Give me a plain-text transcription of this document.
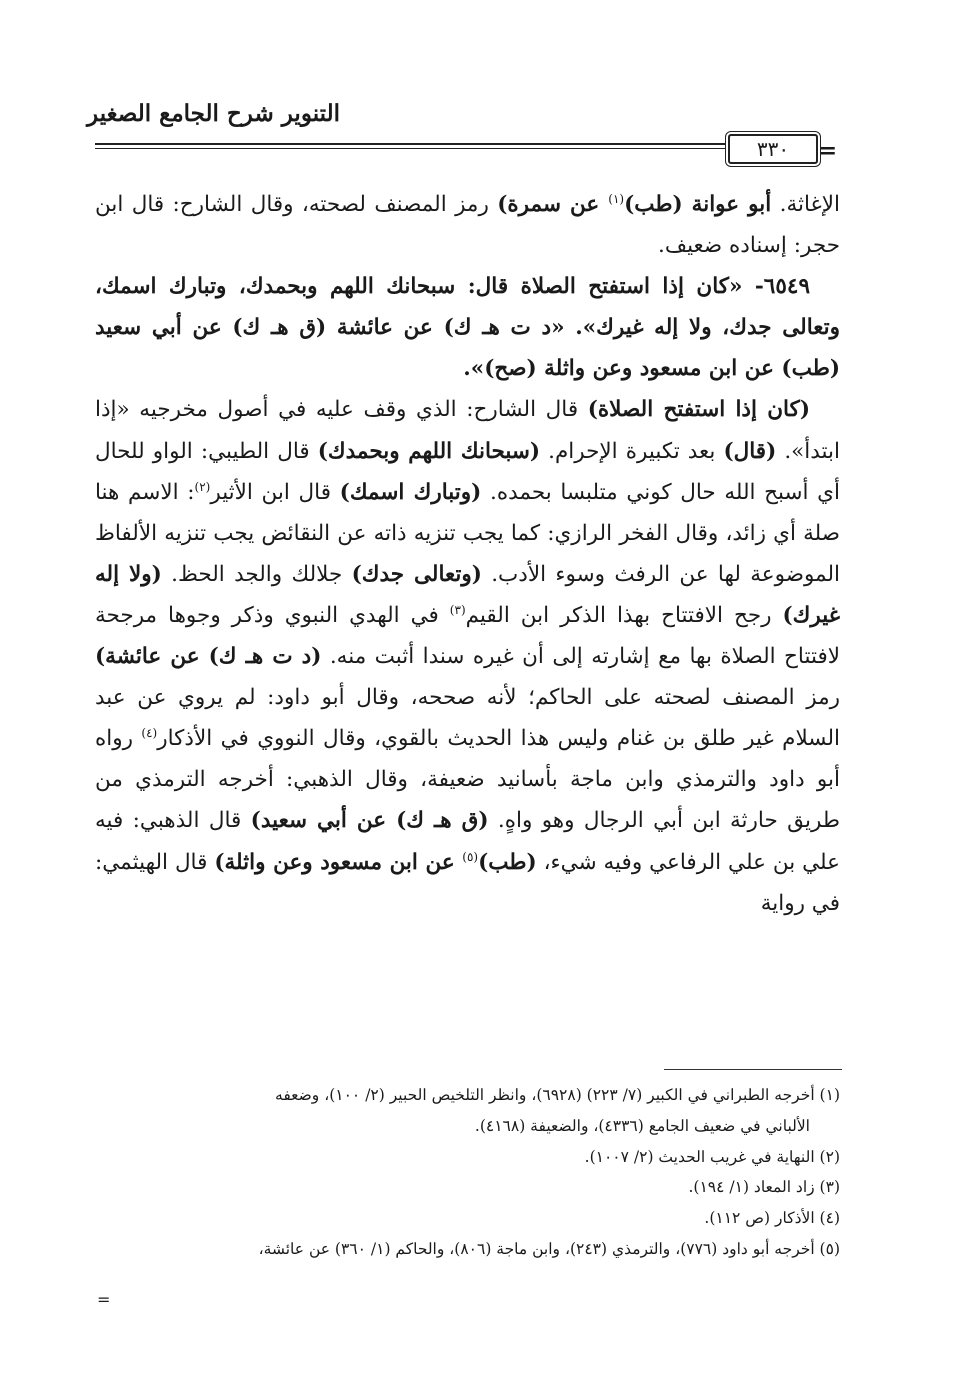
التنوير شرح الجامع الصغير
٣٣٠	=

الإغاثة. أبو عوانة (طب)$^{(١)}$ عن سمرة) رمز المصنف لصحته، وقال الشارح: قال ابن حجر: إسناده ضعيف.

٦٥٤٩- «كان إذا استفتح الصلاة قال: سبحانك اللهم وبحمدك، وتبارك اسمك، وتعالى جدك، ولا إله غيرك». «د ت هـ ك) عن عائشة (ق هـ ك) عن أبي سعيد (طب) عن ابن مسعود وعن واثلة (صح)».

(كان إذا استفتح الصلاة) قال الشارح: الذي وقف عليه في أصول مخرجيه «إذا ابتدأ». (قال) بعد تكبيرة الإحرام. (سبحانك اللهم وبحمدك) قال الطيبي: الواو للحال أي أسبح الله حال كوني متلبسا بحمده. (وتبارك اسمك) قال ابن الأثير$^{(٢)}$: الاسم هنا صلة أي زائد، وقال الفخر الرازي: كما يجب تنزيه ذاته عن النقائض يجب تنزيه الألفاظ الموضوعة لها عن الرفث وسوء الأدب. (وتعالى جدك) جلالك والجد الحظ. (ولا إله غيرك) رجح الافتتاح بهذا الذكر ابن القيم$^{(٣)}$ في الهدي النبوي وذكر وجوها مرجحة لافتتاح الصلاة بها مع إشارته إلى أن غيره سندا أثبت منه. (د ت هـ ك) عن عائشة) رمز المصنف لصحته على الحاكم؛ لأنه صححه، وقال أبو داود: لم يروي عن عبد السلام غير طلق بن غنام وليس هذا الحديث بالقوي، وقال النووي في الأذكار$^{(٤)}$ رواه أبو داود والترمذي وابن ماجة بأسانيد ضعيفة، وقال الذهبي: أخرجه الترمذي من طريق حارثة ابن أبي الرجال وهو واهٍ. (ق هـ ك) عن أبي سعيد) قال الذهبي: فيه علي بن علي الرفاعي وفيه شيء، (طب)$^{(٥)}$ عن ابن مسعود وعن واثلة) قال الهيثمي: في رواية

(١) أخرجه الطبراني في الكبير (٧/ ٢٢٣) (٦٩٢٨)، وانظر التلخيص الحبير (٢/ ١٠٠)، وضعفه

الألباني في ضعيف الجامع (٤٣٣٦)، والضعيفة (٤١٦٨).

(٢) النهاية في غريب الحديث (٢/ ١٠٠٧).

(٣) زاد المعاد (١/ ١٩٤).

(٤) الأذكار (ص ١١٢).

(٥) أخرجه أبو داود (٧٧٦)، والترمذي (٢٤٣)، وابن ماجة (٨٠٦)، والحاكم (١/ ٣٦٠) عن عائشة،

=
